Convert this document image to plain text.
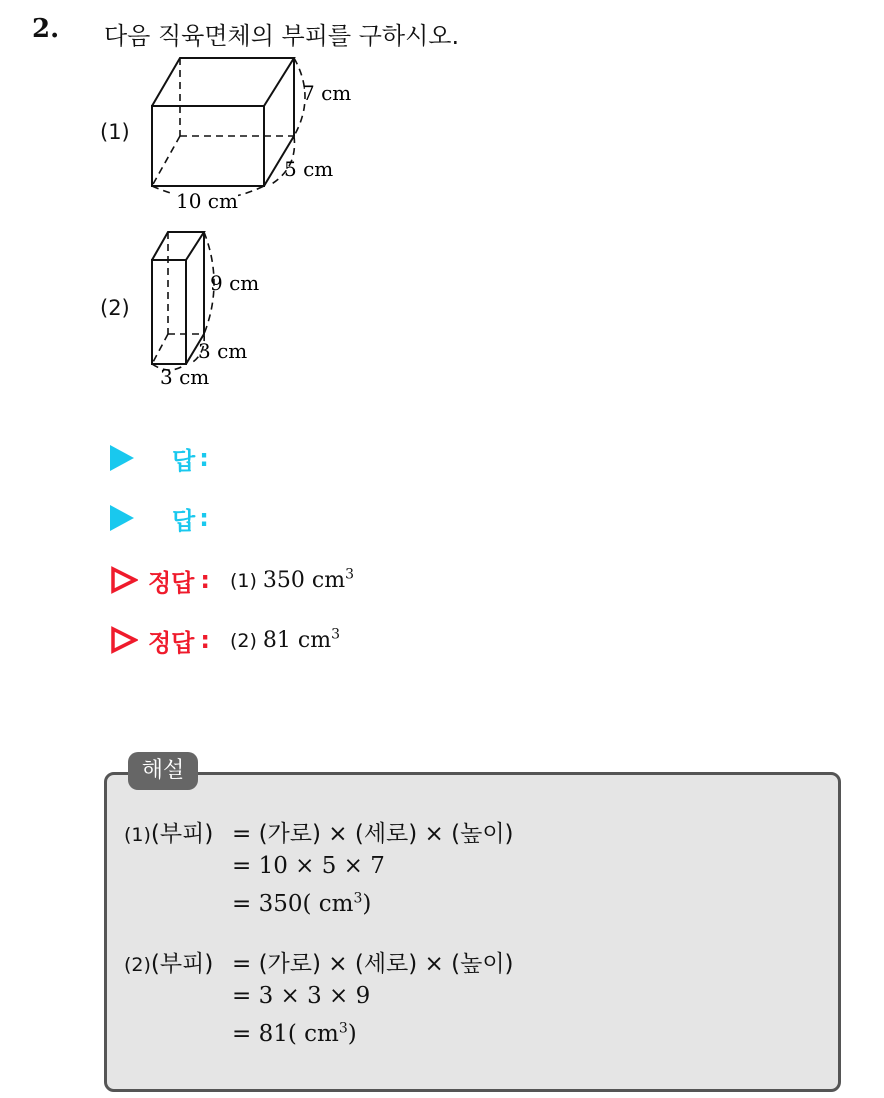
2. 다음 직육면체의 부피를 구하시오.
(1)
7 cm
5 cm
10 cm
(2)
9 cm
3 cm
3 cm
답 :
답 :
정답 : (1) 350 $cm^3$
정답 : (2) 81 $cm^3$
해설
(1)(부피) = (가로) × (세로) × (높이)
= 10 × 5 × 7
= 350( $cm^3$)
(2)(부피) = (가로) × (세로) × (높이)
= 3 × 3 × 9
= 81( $cm^3$)
